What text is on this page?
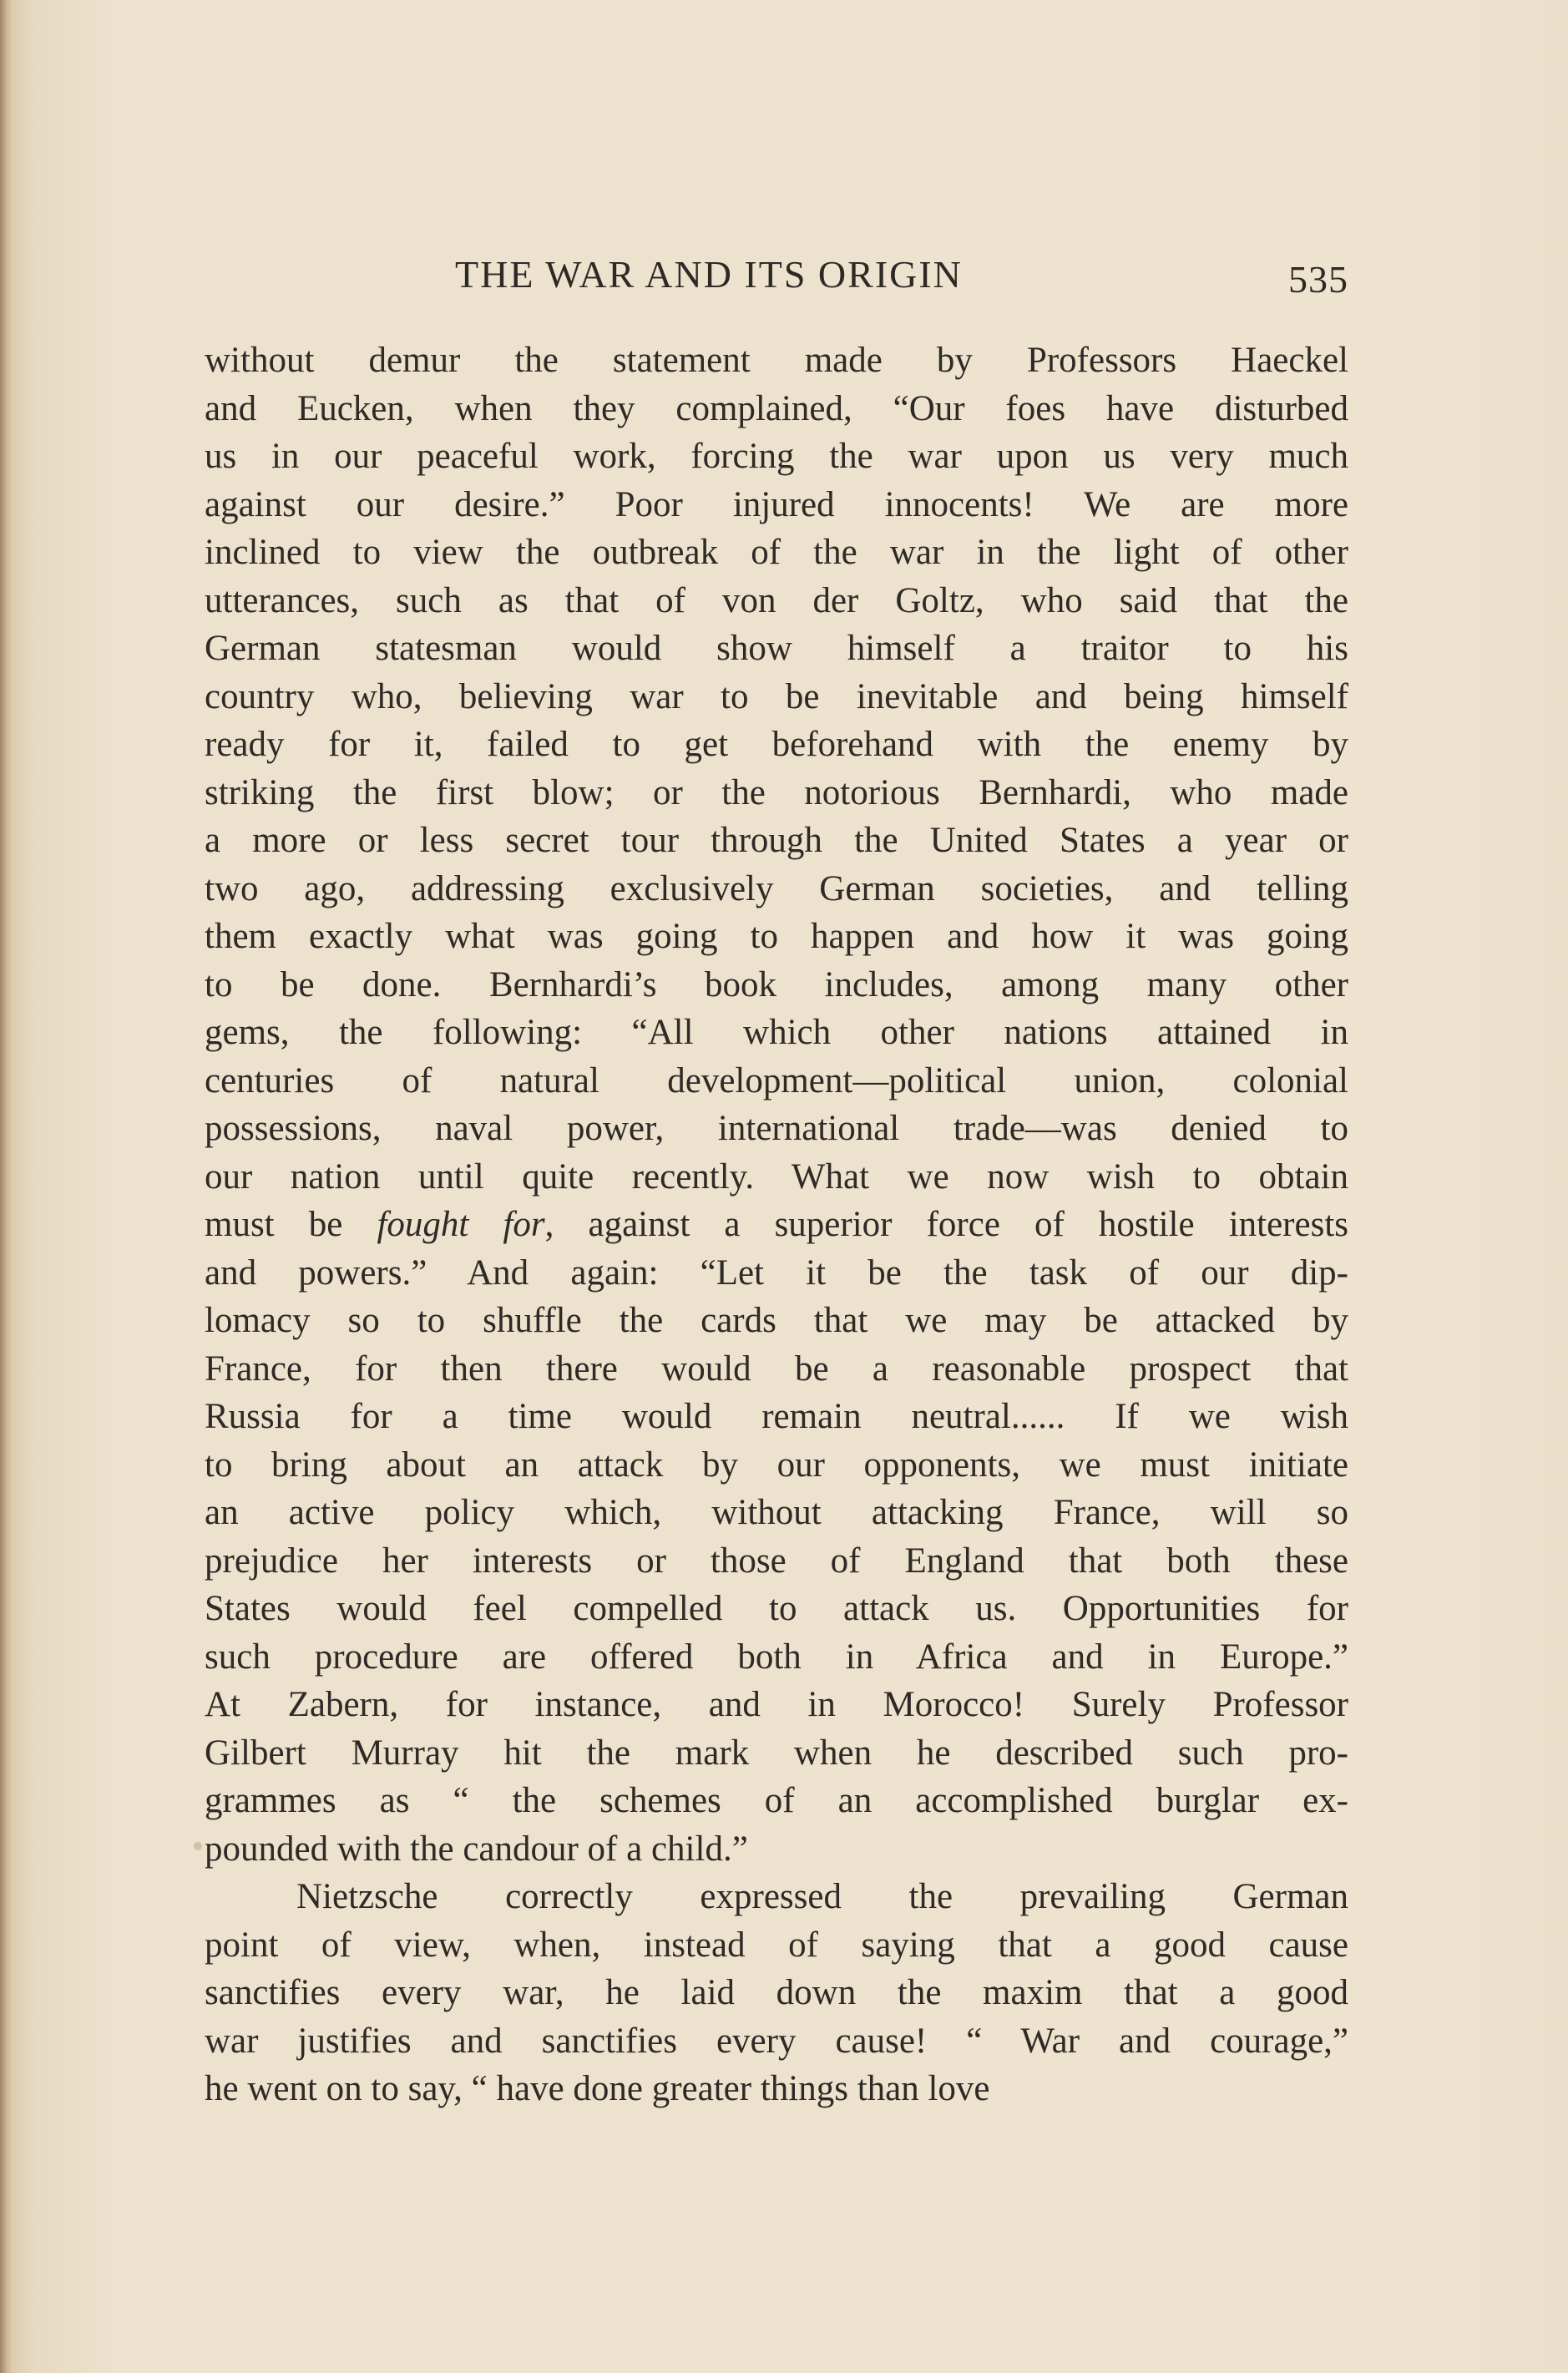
THE WAR AND ITS ORIGIN	535
without demur the statement made by Professors Haeckel
and Eucken, when they complained, “Our foes have disturbed
us in our peaceful work, forcing the war upon us very much
against our desire.” Poor injured innocents! We are more
inclined to view the outbreak of the war in the light of other
utterances, such as that of von der Goltz, who said that the
German statesman would show himself a traitor to his
country who, believing war to be inevitable and being himself
ready for it, failed to get beforehand with the enemy by
striking the first blow; or the notorious Bernhardi, who made
a more or less secret tour through the United States a year or
two ago, addressing exclusively German societies, and telling
them exactly what was going to happen and how it was going
to be done. Bernhardi’s book includes, among many other
gems, the following: “All which other nations attained in
centuries of natural development—political union, colonial
possessions, naval power, international trade—was denied to
our nation until quite recently. What we now wish to obtain
must be fought for, against a superior force of hostile interests
and powers.” And again: “Let it be the task of our dip-
lomacy so to shuffle the cards that we may be attacked by
France, for then there would be a reasonable prospect that
Russia for a time would remain neutral...... If we wish
to bring about an attack by our opponents, we must initiate
an active policy which, without attacking France, will so
prejudice her interests or those of England that both these
States would feel compelled to attack us. Opportunities for
such procedure are offered both in Africa and in Europe.”
At Zabern, for instance, and in Morocco! Surely Professor
Gilbert Murray hit the mark when he described such pro-
grammes as “ the schemes of an accomplished burglar ex-
pounded with the candour of a child.”
Nietzsche correctly expressed the prevailing German
point of view, when, instead of saying that a good cause
sanctifies every war, he laid down the maxim that a good
war justifies and sanctifies every cause! “ War and courage,”
he went on to say, “ have done greater things than love
